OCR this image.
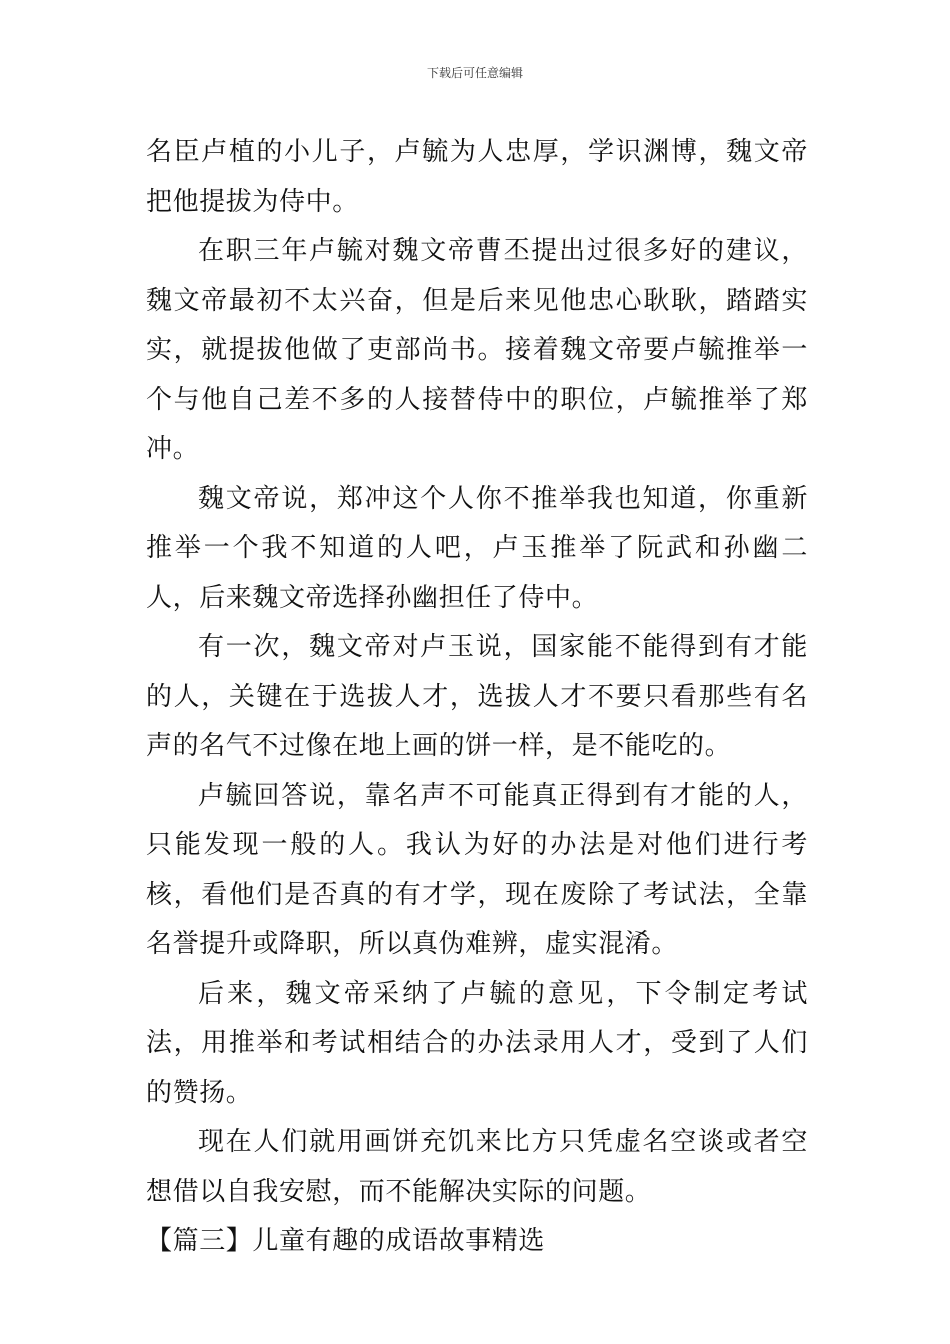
下载后可任意编辑

名臣卢植的小儿子，卢毓为人忠厚，学识渊博，魏文帝把他提拔为侍中。

在职三年卢毓对魏文帝曹丕提出过很多好的建议，魏文帝最初不太兴奋，但是后来见他忠心耿耿，踏踏实实，就提拔他做了吏部尚书。接着魏文帝要卢毓推举一个与他自己差不多的人接替侍中的职位，卢毓推举了郑冲。

魏文帝说，郑冲这个人你不推举我也知道，你重新推举一个我不知道的人吧，卢玉推举了阮武和孙幽二人，后来魏文帝选择孙幽担任了侍中。

有一次，魏文帝对卢玉说，国家能不能得到有才能的人，关键在于选拔人才，选拔人才不要只看那些有名声的名气不过像在地上画的饼一样，是不能吃的。

卢毓回答说，靠名声不可能真正得到有才能的人，只能发现一般的人。我认为好的办法是对他们进行考核，看他们是否真的有才学，现在废除了考试法，全靠名誉提升或降职，所以真伪难辨，虚实混淆。

后来，魏文帝采纳了卢毓的意见，下令制定考试法，用推举和考试相结合的办法录用人才，受到了人们的赞扬。

现在人们就用画饼充饥来比方只凭虚名空谈或者空想借以自我安慰，而不能解决实际的问题。

【篇三】儿童有趣的成语故事精选
